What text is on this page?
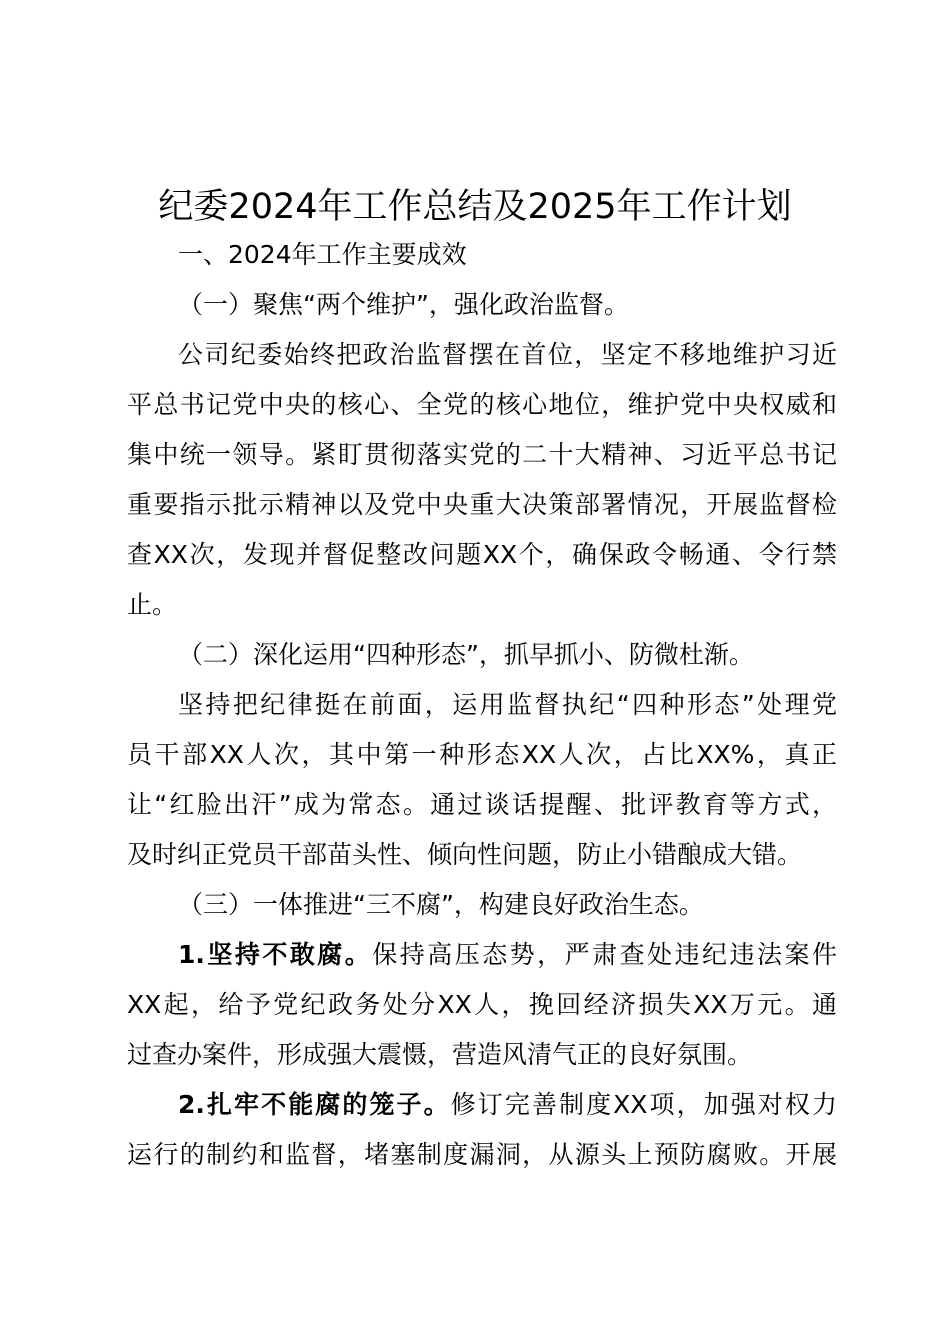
纪委2024年工作总结及2025年工作计划
一、2024年工作主要成效
（一）聚焦“两个维护”，强化政治监督。
公司纪委始终把政治监督摆在首位，坚定不移地维护习近
平总书记党中央的核心、全党的核心地位，维护党中央权威和
集中统一领导。紧盯贯彻落实党的二十大精神、习近平总书记
重要指示批示精神以及党中央重大决策部署情况，开展监督检
查XX次，发现并督促整改问题XX个，确保政令畅通、令行禁
止。
（二）深化运用“四种形态”，抓早抓小、防微杜渐。
坚持把纪律挺在前面，运用监督执纪“四种形态”处理党
员干部XX人次，其中第一种形态XX人次，占比XX%，真正
让“红脸出汗”成为常态。通过谈话提醒、批评教育等方式，
及时纠正党员干部苗头性、倾向性问题，防止小错酿成大错。
（三）一体推进“三不腐”，构建良好政治生态。
1.坚持不敢腐。保持高压态势，严肃查处违纪违法案件
XX起，给予党纪政务处分XX人，挽回经济损失XX万元。通
过查办案件，形成强大震慑，营造风清气正的良好氛围。
2.扎牢不能腐的笼子。修订完善制度XX项，加强对权力
运行的制约和监督，堵塞制度漏洞，从源头上预防腐败。开展
